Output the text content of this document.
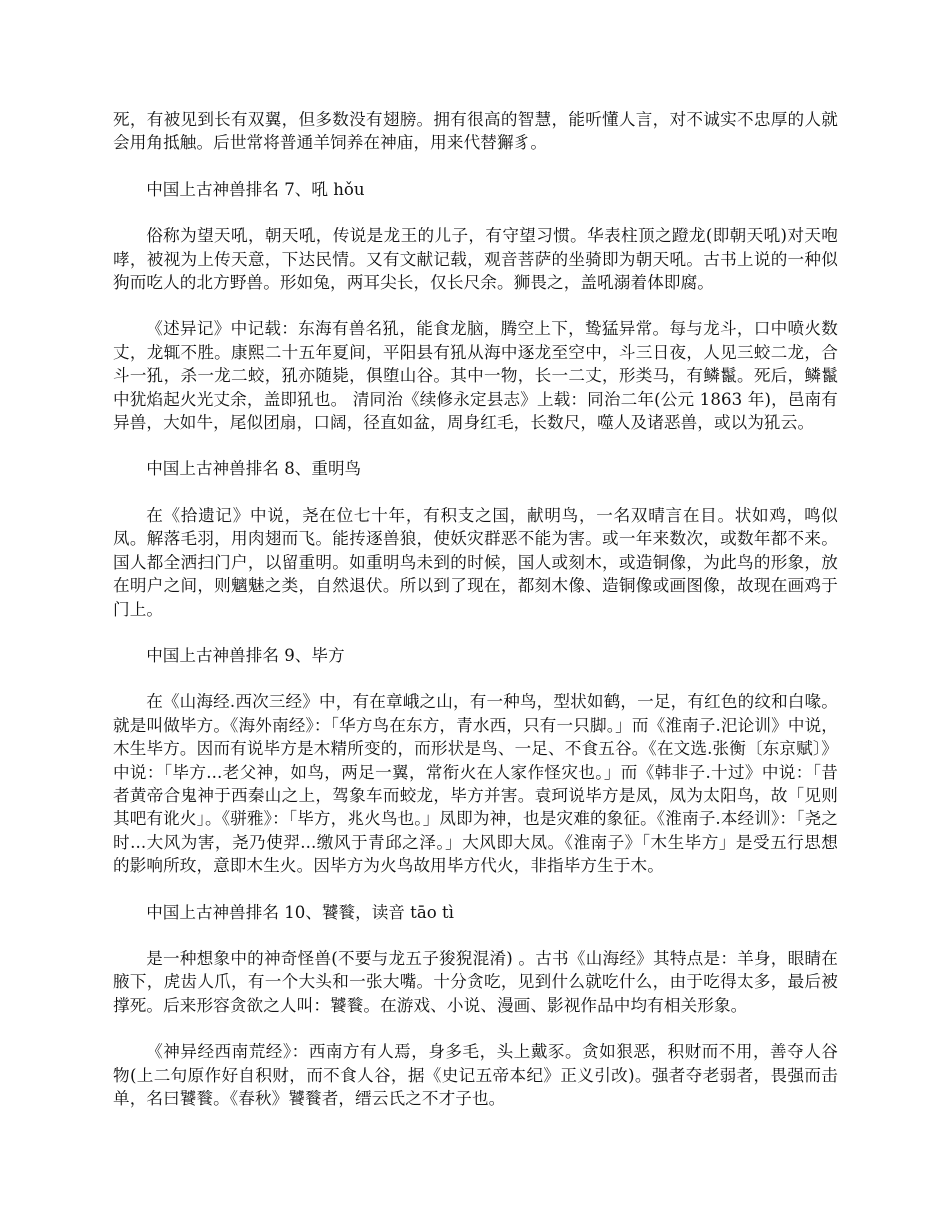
死，有被见到长有双翼，但多数没有翅膀。拥有很高的智慧，能听懂人言，对不诚实不忠厚的人就会用角抵触。后世常将普通羊饲养在神庙，用来代替獬豸。

中国上古神兽排名 7、吼 hǒu

俗称为望天吼，朝天吼，传说是龙王的儿子，有守望习惯。华表柱顶之蹬龙(即朝天吼)对天咆哮，被视为上传天意，下达民情。又有文献记载，观音菩萨的坐骑即为朝天吼。古书上说的一种似狗而吃人的北方野兽。形如兔，两耳尖长，仅长尺余。狮畏之，盖吼溺着体即腐。

《述异记》中记载：东海有兽名犼，能食龙脑，腾空上下，鸷猛异常。每与龙斗，口中喷火数丈，龙辄不胜。康熙二十五年夏间，平阳县有犼从海中逐龙至空中，斗三日夜，人见三蛟二龙，合斗一犼，杀一龙二蛟，犼亦随毙，俱堕山谷。其中一物，长一二丈，形类马，有鳞鬣。死后，鳞鬣中犹焰起火光丈余，盖即犼也。 清同治《续修永定县志》上载：同治二年(公元 1863 年)，邑南有异兽，大如牛，尾似团扇，口阔，径直如盆，周身红毛，长数尺，噬人及诸恶兽，或以为犼云。

中国上古神兽排名 8、重明鸟

在《拾遗记》中说，尧在位七十年，有积支之国，献明鸟，一名双晴言在目。状如鸡，鸣似凤。解落毛羽，用肉翅而飞。能抟逐兽狼，使妖灾群恶不能为害。或一年来数次，或数年都不来。国人都全洒扫门户，以留重明。如重明鸟未到的时候，国人或刻木，或造铜像，为此鸟的形象，放在明户之间，则魑魅之类，自然退伏。所以到了现在，都刻木像、造铜像或画图像，故现在画鸡于门上。

中国上古神兽排名 9、毕方

在《山海经.西次三经》中，有在章峨之山，有一种鸟，型状如鹤，一足，有红色的纹和白喙。就是叫做毕方。《海外南经》：「华方鸟在东方，青水西，只有一只脚。」而《淮南子.汜论训》中说，木生毕方。因而有说毕方是木精所变的，而形状是鸟、一足、不食五谷。《在文选.张衡〔东京赋〕》中说：「毕方...老父神，如鸟，两足一翼，常衔火在人家作怪灾也。」而《韩非子.十过》中说：「昔者黄帝合鬼神于西秦山之上，驾象车而蛟龙，毕方并害。袁珂说毕方是凤，凤为太阳鸟，故「见则其吧有讹火」。《骈雅》：「毕方，兆火鸟也。」凤即为神，也是灾难的象征。《淮南子.本经训》：「尧之时...大风为害，尧乃使羿...缴风于青邱之泽。」大风即大凤。《淮南子》「木生毕方」是受五行思想的影响所玫，意即木生火。因毕方为火鸟故用毕方代火，非指毕方生于木。

中国上古神兽排名 10、饕餮，读音 tāo tì

是一种想象中的神奇怪兽(不要与龙五子狻猊混淆) 。古书《山海经》其特点是：羊身，眼睛在腋下，虎齿人爪，有一个大头和一张大嘴。十分贪吃，见到什么就吃什么，由于吃得太多，最后被撑死。后来形容贪欲之人叫：饕餮。在游戏、小说、漫画、影视作品中均有相关形象。

《神异经西南荒经》：西南方有人焉，身多毛，头上戴豕。贪如狠恶，积财而不用，善夺人谷物(上二句原作好自积财，而不食人谷，据《史记五帝本纪》正义引改)。强者夺老弱者，畏强而击单，名曰饕餮。《春秋》饕餮者，缙云氏之不才子也。
